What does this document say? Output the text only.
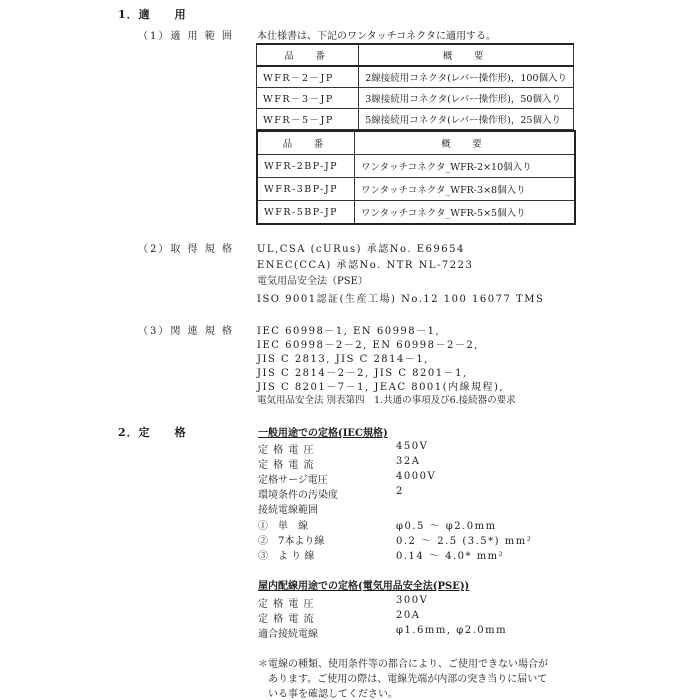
1．適　　用
（1）適 用 範 囲 本仕様書は、下記のワンタッチコネクタに適用する。
品　番	概　要
WFR－2－JP	2線接続用コネクタ(レバー操作形)，100個入り
WFR－3－JP	3線接続用コネクタ(レバー操作形)，50個入り
WFR－5－JP	5線接続用コネクタ(レバー操作形)，25個入り
品　番	概　要
WFR-2BP-JP	ワンタッチコネクタ_WFR-2×10個入り
WFR-3BP-JP	ワンタッチコネクタ_WFR-3×8個入り
WFR-5BP-JP	ワンタッチコネクタ_WFR-5×5個入り
（2）取 得 規 格 UL,CSA (cURus) 承認No. E69654
ENEC(CCA) 承認No. NTR NL-7223
電気用品安全法（PSE）
ISO 9001認証(生産工場) No.12 100 16077 TMS
（3）関 連 規 格 IEC 60998－1, EN 60998－1,
IEC 60998－2－2, EN 60998－2－2,
JIS C 2813, JIS C 2814－1,
JIS C 2814－2－2, JIS C 8201－1,
JIS C 8201－7－1, JEAC 8001(内線規程),
電気用品安全法 別表第四　1.共通の事項及び6.接続器の要求
2．定　　格	一般用途での定格(IEC規格)
定 格 電 圧	450V
定 格 電 流	32A
定格サージ電圧	4000V
環境条件の汚染度	2
接続電線範囲
①　単　線	φ0.5 ～ φ2.0mm
②　7本より線	0.2 ～ 2.5 (3.5*) mm²
③　よ り 線	0.14 ～ 4.0* mm²
屋内配線用途での定格(電気用品安全法(PSE))
定 格 電 圧	300V
定 格 電 流	20A
適合接続電線	φ1.6mm, φ2.0mm
＊電線の種類、使用条件等の都合により、ご使用できない場合が
　あります。ご使用の際は、電線先端が内部の突き当りに届いて
　いる事を確認してください。
